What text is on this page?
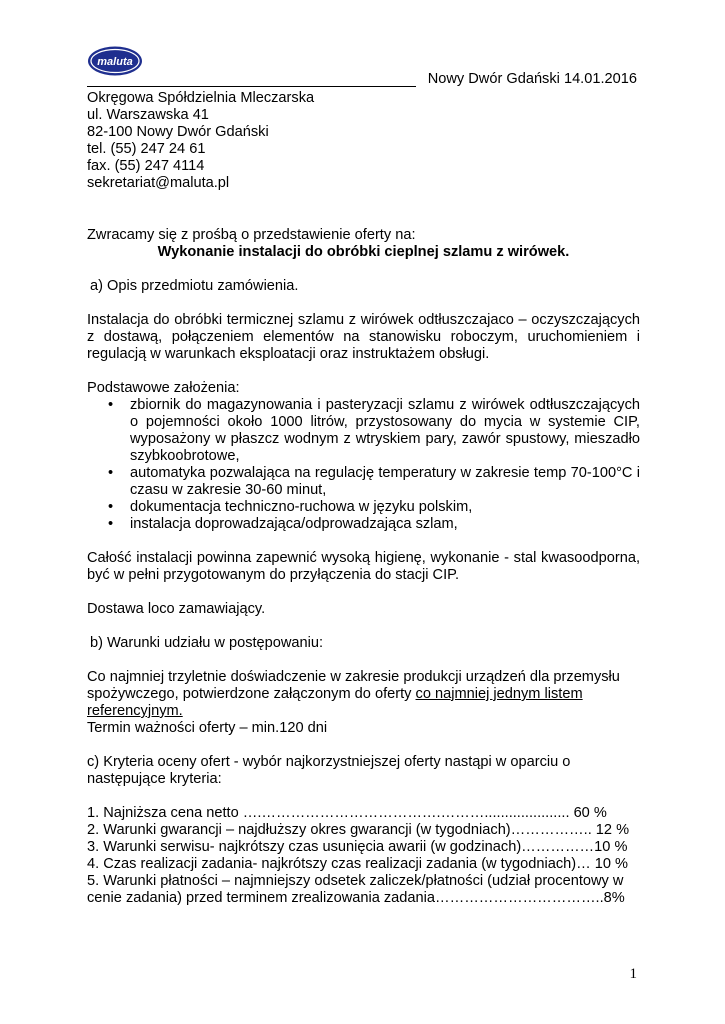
maluta
Nowy Dwór Gdański 14.01.2016
Okręgowa Spółdzielnia Mleczarska
ul. Warszawska 41
82-100 Nowy Dwór Gdański
tel. (55) 247 24 61
fax. (55) 247 4114
sekretariat@maluta.pl
Zwracamy się z prośbą o przedstawienie oferty na:
Wykonanie instalacji do obróbki cieplnej szlamu z wirówek.
a) Opis przedmiotu zamówienia.
Instalacja do obróbki termicznej szlamu z wirówek odtłuszczajaco – oczyszczających z dostawą, połączeniem elementów na stanowisku roboczym, uruchomieniem i regulacją w warunkach eksploatacji oraz instruktażem obsługi.
Podstawowe założenia:
• zbiornik do magazynowania i pasteryzacji szlamu z wirówek odtłuszczających o pojemności około 1000 litrów, przystosowany do mycia w systemie CIP, wyposażony w płaszcz wodnym z wtryskiem pary, zawór spustowy, mieszadło szybkoobrotowe,
• automatyka pozwalająca na regulację temperatury w zakresie temp 70-100°C i czasu w zakresie 30-60 minut,
• dokumentacja techniczno-ruchowa w języku polskim,
• instalacja doprowadzająca/odprowadzająca szlam,
Całość instalacji powinna zapewnić wysoką higienę, wykonanie - stal kwasoodporna, być w pełni przygotowanym do przyłączenia do stacji CIP.
Dostawa loco zamawiający.
b) Warunki udziału w postępowaniu:
Co najmniej trzyletnie doświadczenie w zakresie produkcji urządzeń dla przemysłu spożywczego, potwierdzone załączonym do oferty co najmniej jednym listem referencyjnym.
Termin ważności oferty – min.120 dni
c) Kryteria oceny ofert - wybór najkorzystniejszej oferty nastąpi w oparciu o następujące kryteria:
1. Najniższa cena netto ….……………………………….………..................... 60 %
2. Warunki gwarancji – najdłuższy okres gwarancji (w tygodniach)…………….. 12 %
3. Warunki serwisu- najkrótszy czas usunięcia awarii (w godzinach)……………10 %
4. Czas realizacji zadania- najkrótszy czas realizacji zadania (w tygodniach)… 10 %
5. Warunki płatności – najmniejszy odsetek zaliczek/płatności (udział procentowy w
cenie zadania) przed terminem zrealizowania zadania……………………………..8%
1
